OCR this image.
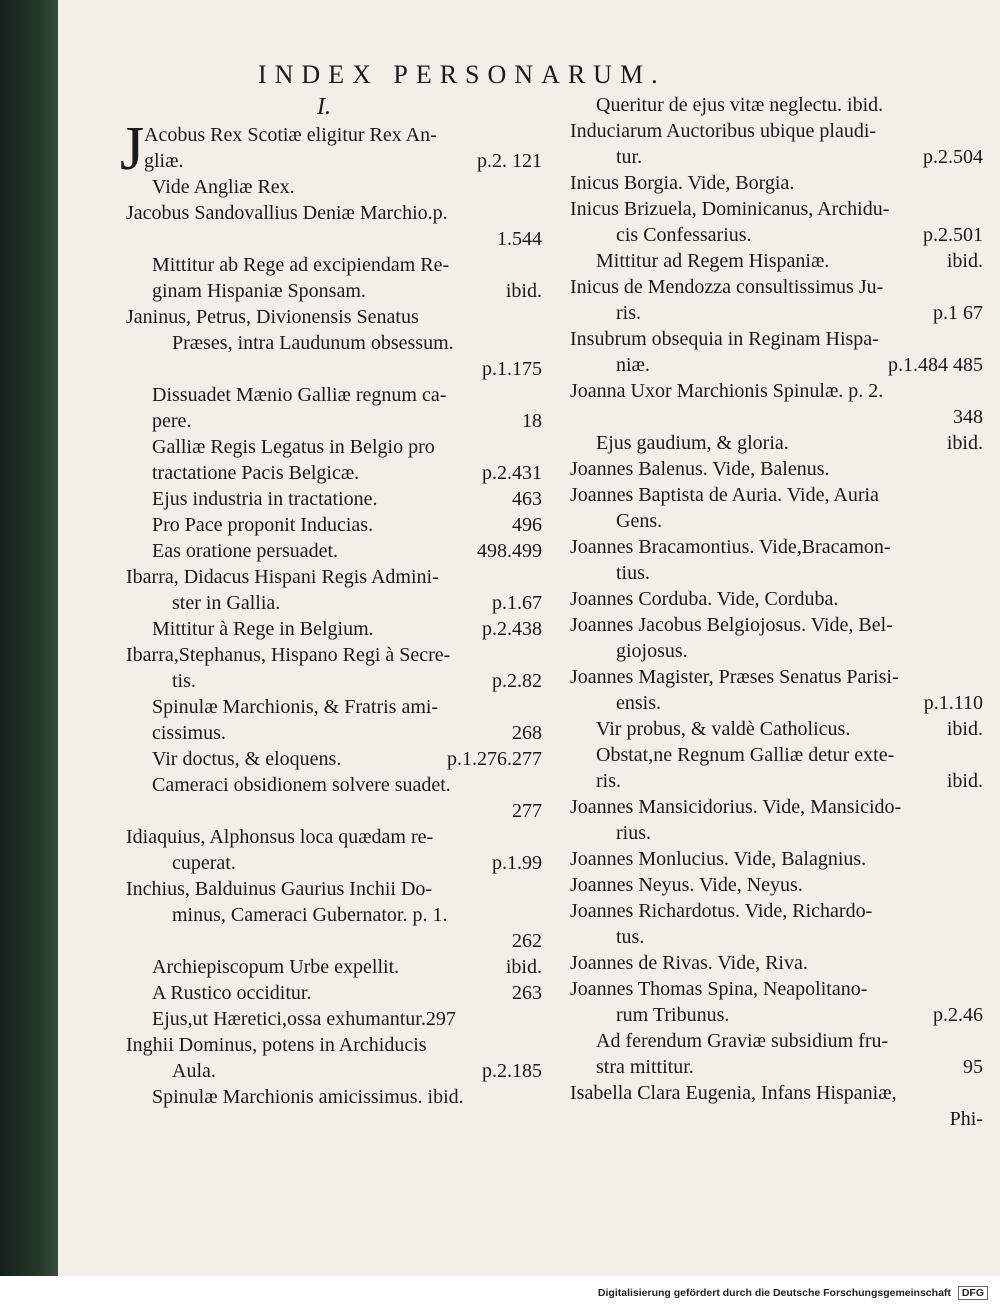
Digitalisierung gefördert durch die Deutsche Forschungsgemeinschaft DFG
INDEX PERSONARUM.
I.
J Acobus Rex Scotiæ eligitur Rex An-
gliæ.	p.2. 121
Vide Angliæ Rex.
Jacobus Sandovallius Deniæ Marchio.p.
1.544
Mittitur ab Rege ad excipiendam Re-
ginam Hispaniæ Sponsam.	ibid.
Janinus, Petrus, Divionensis Senatus
Præses, intra Laudunum obsessum.
p.1.175
Dissuadet Mænio Galliæ regnum ca-
pere.	18
Galliæ Regis Legatus in Belgio pro
tractatione Pacis Belgicæ.	p.2.431
Ejus industria in tractatione.	463
Pro Pace proponit Inducias.	496
Eas oratione persuadet.	498.499
Ibarra, Didacus Hispani Regis Admini-
ster in Gallia.	p.1.67
Mittitur à Rege in Belgium.	p.2.438
Ibarra,Stephanus, Hispano Regi à Secre-
tis.	p.2.82
Spinulæ Marchionis, & Fratris ami-
cissimus.	268
Vir doctus, & eloquens.	p.1.276.277
Cameraci obsidionem solvere suadet.
277
Idiaquius, Alphonsus loca quædam re-
cuperat.	p.1.99
Inchius, Balduinus Gaurius Inchii Do-
minus, Cameraci Gubernator. p. 1.
262
Archiepiscopum Urbe expellit.	ibid.
A Rustico occiditur.	263
Ejus,ut Hæretici,ossa exhumantur.297
Inghii Dominus, potens in Archiducis
Aula.	p.2.185
Spinulæ Marchionis amicissimus. ibid.
Queritur de ejus vitæ neglectu. ibid.
Induciarum Auctoribus ubique plaudi-
tur.	p.2.504
Inicus Borgia. Vide, Borgia.
Inicus Brizuela, Dominicanus, Archidu-
cis Confessarius.	p.2.501
Mittitur ad Regem Hispaniæ.	ibid.
Inicus de Mendozza consultissimus Ju-
ris.	p.1 67
Insubrum obsequia in Reginam Hispa-
niæ.	p.1.484 485
Joanna Uxor Marchionis Spinulæ. p. 2.
348
Ejus gaudium, & gloria.	ibid.
Joannes Balenus. Vide, Balenus.
Joannes Baptista de Auria. Vide, Auria
Gens.
Joannes Bracamontius. Vide,Bracamon-
tius.
Joannes Corduba. Vide, Corduba.
Joannes Jacobus Belgiojosus. Vide, Bel-
giojosus.
Joannes Magister, Præses Senatus Parisi-
ensis.	p.1.110
Vir probus, & valdè Catholicus.	ibid.
Obstat,ne Regnum Galliæ detur exte-
ris.	ibid.
Joannes Mansicidorius. Vide, Mansicido-
rius.
Joannes Monlucius. Vide, Balagnius.
Joannes Neyus. Vide, Neyus.
Joannes Richardotus. Vide, Richardo-
tus.
Joannes de Rivas. Vide, Riva.
Joannes Thomas Spina, Neapolitano-
rum Tribunus.	p.2.46
Ad ferendum Graviæ subsidium fru-
stra mittitur.	95
Isabella Clara Eugenia, Infans Hispaniæ,
Phi-
